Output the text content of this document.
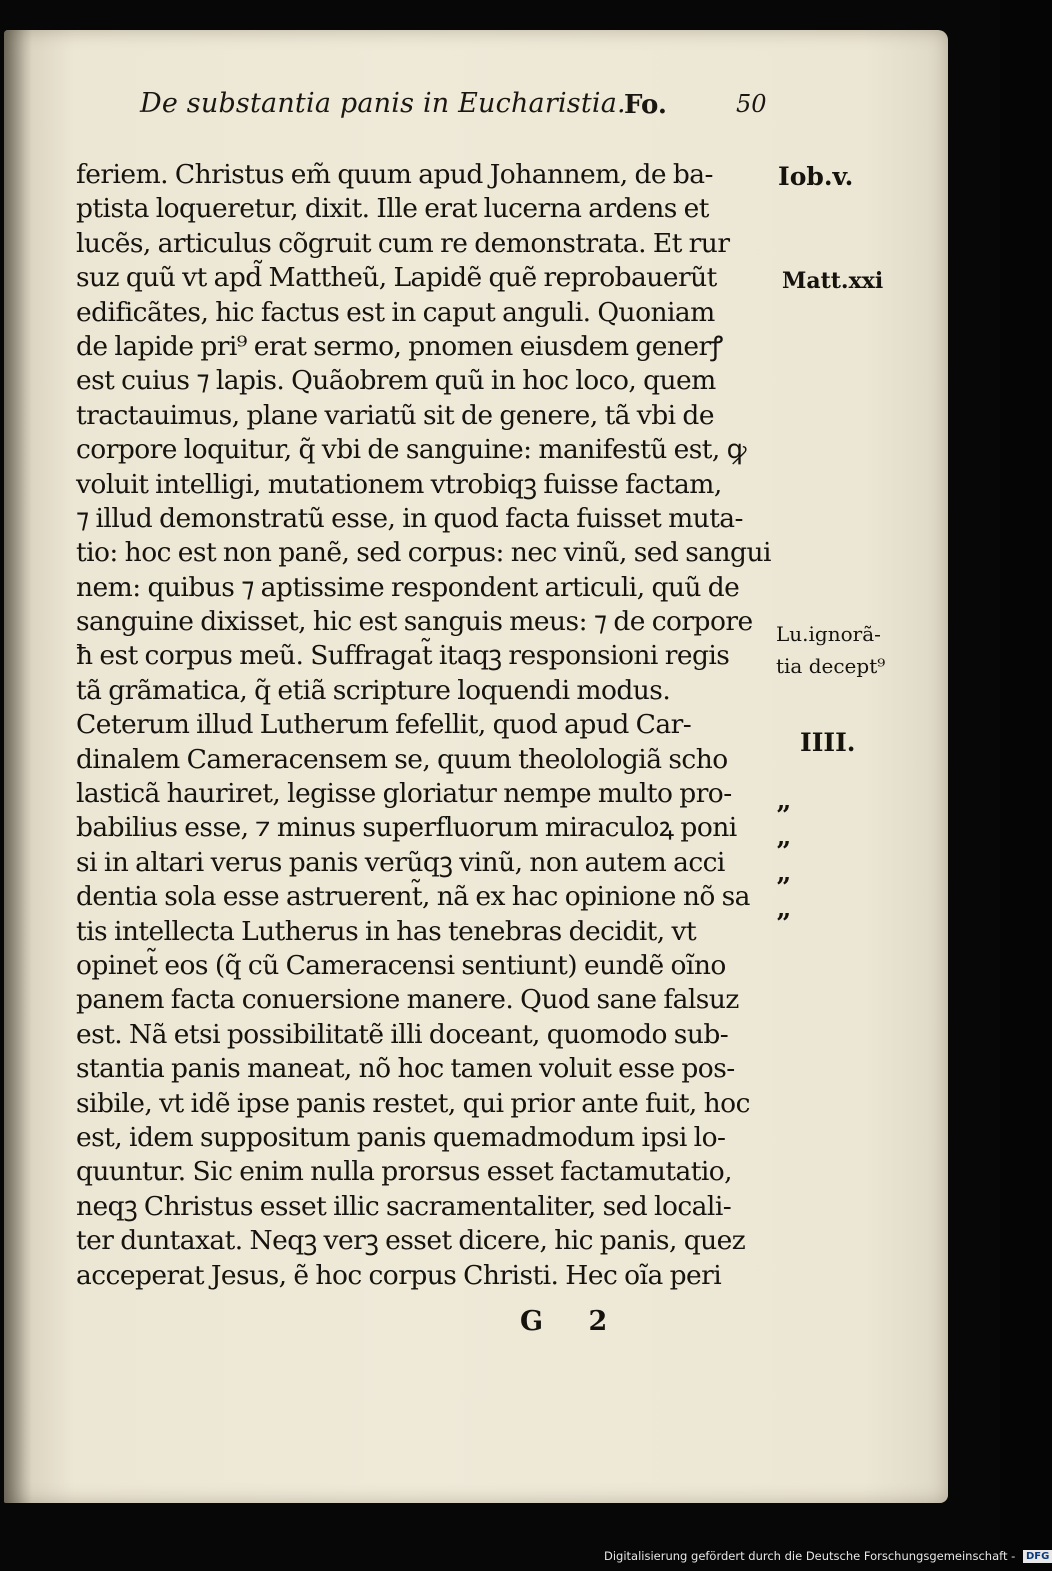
De substantia panis in Eucharistia.
Fo.	50
feriem. Christus em̃ quum apud Johannem, de ba-
ptista loqueretur, dixit. Ille erat lucerna ardens et
lucẽs, articulus cõgruit cum re demonstrata. Et rur
suz quũ vt apd̃ Mattheũ, Lapidẽ quẽ reprobauerũt
edificãtes, hic factus est in caput anguli. Quoniam
de lapide pri⁹ erat sermo, pnomen eiusdem generꝭ
est cuius ⁊ lapis. Quãobrem quũ in hoc loco, quem
tractauimus, plane variatũ sit de genere, tã vbi de
corpore loquitur, q̃ vbi de sanguine: manifestũ est, ꝙ
voluit intelligi, mutationem vtrobiqꝫ fuisse factam,
⁊ illud demonstratũ esse, in quod facta fuisset muta-
tio: hoc est non panẽ, sed corpus: nec vinũ, sed sangui
nem: quibus ⁊ aptissime respondent articuli, quũ de
sanguine dixisset, hic est sanguis meus: ⁊ de corpore
ħ est corpus meũ. Suffragat̃ itaqꝫ responsioni regis
tã grãmatica, q̃ etiã scripture loquendi modus.
Ceterum illud Lutherum fefellit, quod apud Car-
dinalem Cameracensem se, quum theolologiã scho
lasticã hauriret, legisse gloriatur nempe multo pro-
babilius esse, ⁊ minus superfluorum miraculoꝝ poni
si in altari verus panis verũqꝫ vinũ, non autem acci
dentia sola esse astruerent̃, nã ex hac opinione nõ sa
tis intellecta Lutherus in has tenebras decidit, vt
opinet̃ eos (q̃ cũ Cameracensi sentiunt) eundẽ oĩno
panem facta conuersione manere. Quod sane falsuz
est. Nã etsi possibilitatẽ illi doceant, quomodo sub-
stantia panis maneat, nõ hoc tamen voluit esse pos-
sibile, vt idẽ ipse panis restet, qui prior ante fuit, hoc
est, idem suppositum panis quemadmodum ipsi lo-
quuntur. Sic enim nulla prorsus esset factamutatio,
neqꝫ Christus esset illic sacramentaliter, sed locali-
ter duntaxat. Neqꝫ verꝫ esset dicere, hic panis, quez
acceperat Jesus, ẽ hoc corpus Christi. Hec oĩa peri
Iob.v.
Matt.xxi
Lu.ignorã-
tia decept⁹
IIII.
”
”
”
”
G 2
Digitalisierung gefördert durch die Deutsche Forschungsgemeinschaft - DFG
